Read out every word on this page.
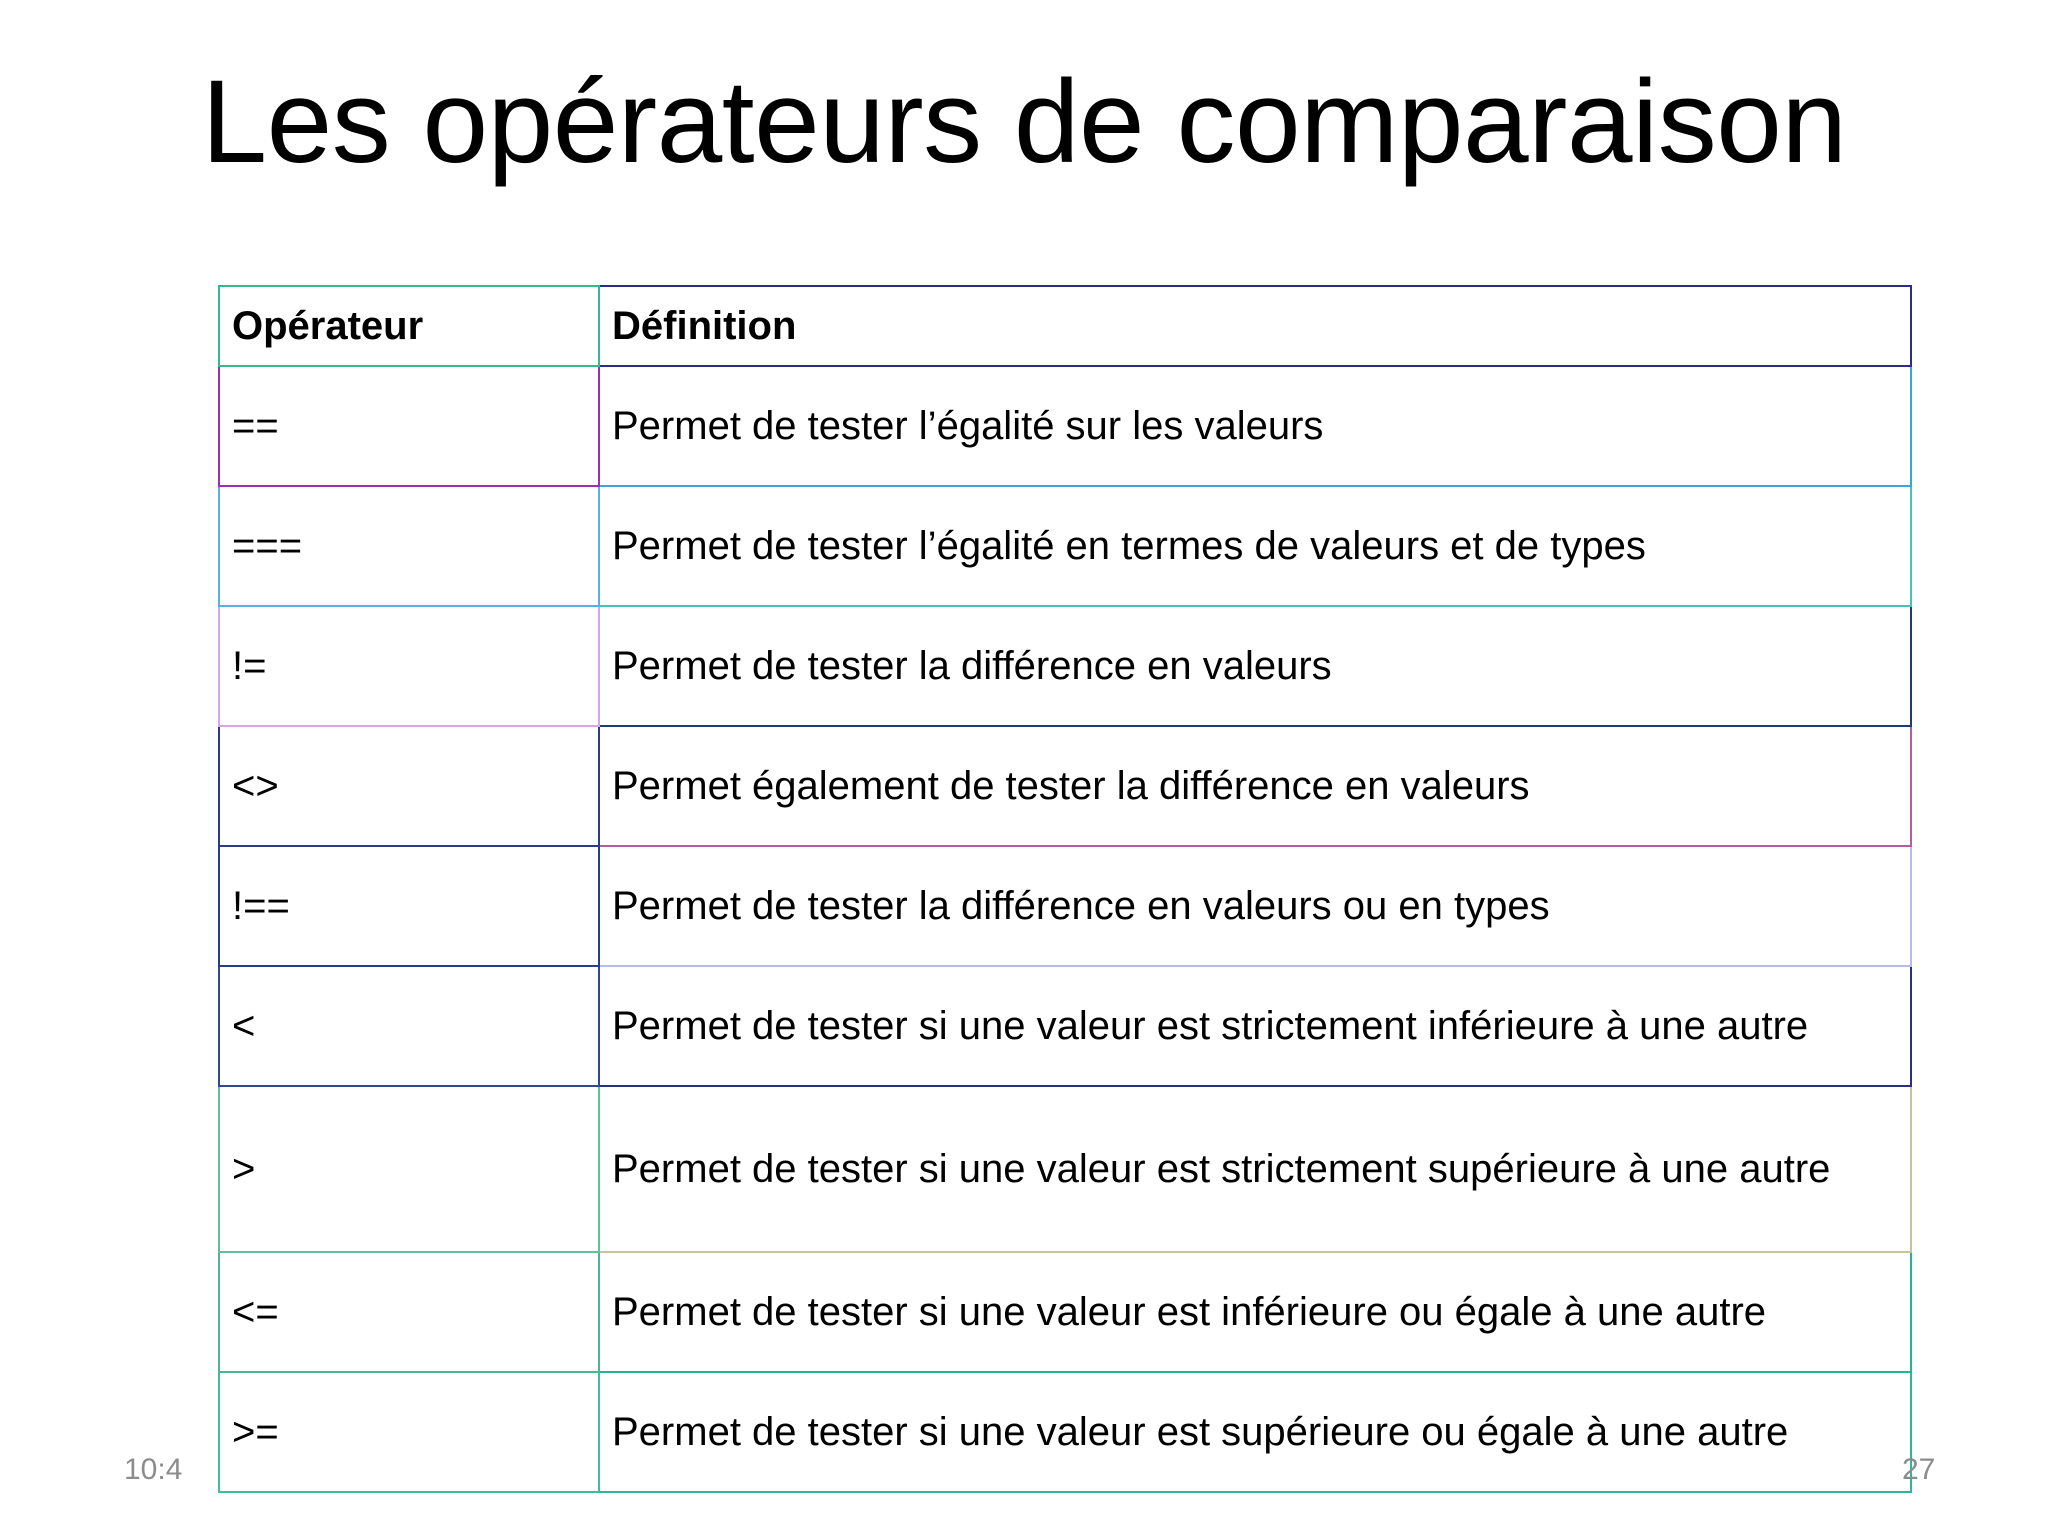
Les opérateurs de comparaison
Opérateur	Définition
==	Permet de tester l’égalité sur les valeurs
===	Permet de tester l’égalité en termes de valeurs et de types
!=	Permet de tester la différence en valeurs
<>	Permet également de tester la différence en valeurs
!==	Permet de tester la différence en valeurs ou en types
<	Permet de tester si une valeur est strictement inférieure à une autre
>	Permet de tester si une valeur est strictement supérieure à une autre
<=	Permet de tester si une valeur est inférieure ou égale à une autre
>=	Permet de tester si une valeur est supérieure ou égale à une autre
10:4	27
